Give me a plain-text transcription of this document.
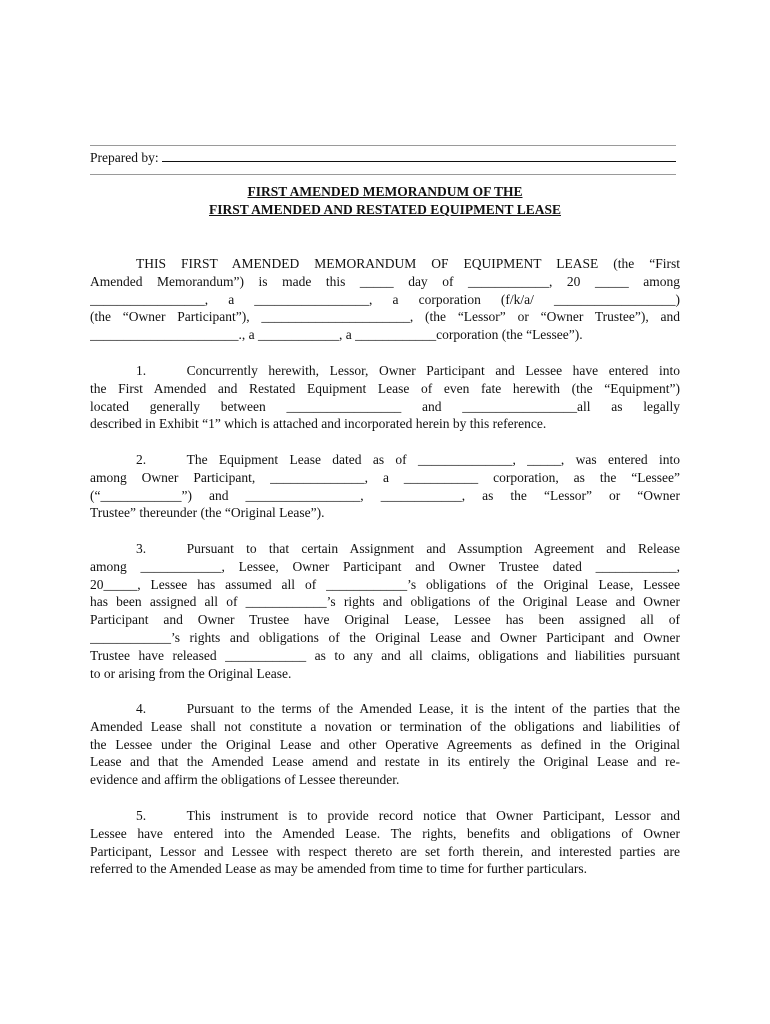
Prepared by:
FIRST AMENDED MEMORANDUM OF THE
FIRST AMENDED AND RESTATED EQUIPMENT LEASE
THIS FIRST AMENDED MEMORANDUM OF EQUIPMENT LEASE (the “First
Amended Memorandum”) is made this _____ day of ____________, 20 _____ among
_________________, a _________________, a corporation (f/k/a/ __________________)
(the “Owner Participant”), ______________________, (the “Lessor” or “Owner Trustee”), and
______________________., a ____________, a ____________corporation (the “Lessee”).
1.   Concurrently herewith, Lessor, Owner Participant and Lessee have entered into
the First Amended and Restated Equipment Lease of even fate herewith (the “Equipment”)
located generally between _________________ and _________________all as legally
described in Exhibit “1” which is attached and incorporated herein by this reference.
2.   The Equipment Lease dated as of ______________, _____, was entered into
among Owner Participant, ______________, a ___________ corporation, as the “Lessee”
(“____________”) and _________________, ____________, as the “Lessor” or “Owner
Trustee” thereunder (the “Original Lease”).
3.   Pursuant to that certain Assignment and Assumption Agreement and Release
among ____________, Lessee, Owner Participant and Owner Trustee dated ____________,
20_____, Lessee has assumed all of ____________’s obligations of the Original Lease, Lessee
has been assigned all of ____________’s rights and obligations of the Original Lease and Owner
Participant and Owner Trustee have Original Lease, Lessee has been assigned all of
____________’s rights and obligations of the Original Lease and Owner Participant and Owner
Trustee have released ____________ as to any and all claims, obligations and liabilities pursuant
to or arising from the Original Lease.
4.   Pursuant to the terms of the Amended Lease, it is the intent of the parties that the
Amended Lease shall not constitute a novation or termination of the obligations and liabilities of
the Lessee under the Original Lease and other Operative Agreements as defined in the Original
Lease and that the Amended Lease amend and restate in its entirely the Original Lease and re-
evidence and affirm the obligations of Lessee thereunder.
5.   This instrument is to provide record notice that Owner Participant, Lessor and
Lessee have entered into the Amended Lease. The rights, benefits and obligations of Owner
Participant, Lessor and Lessee with respect thereto are set forth therein, and interested parties are
referred to the Amended Lease as may be amended from time to time for further particulars.
